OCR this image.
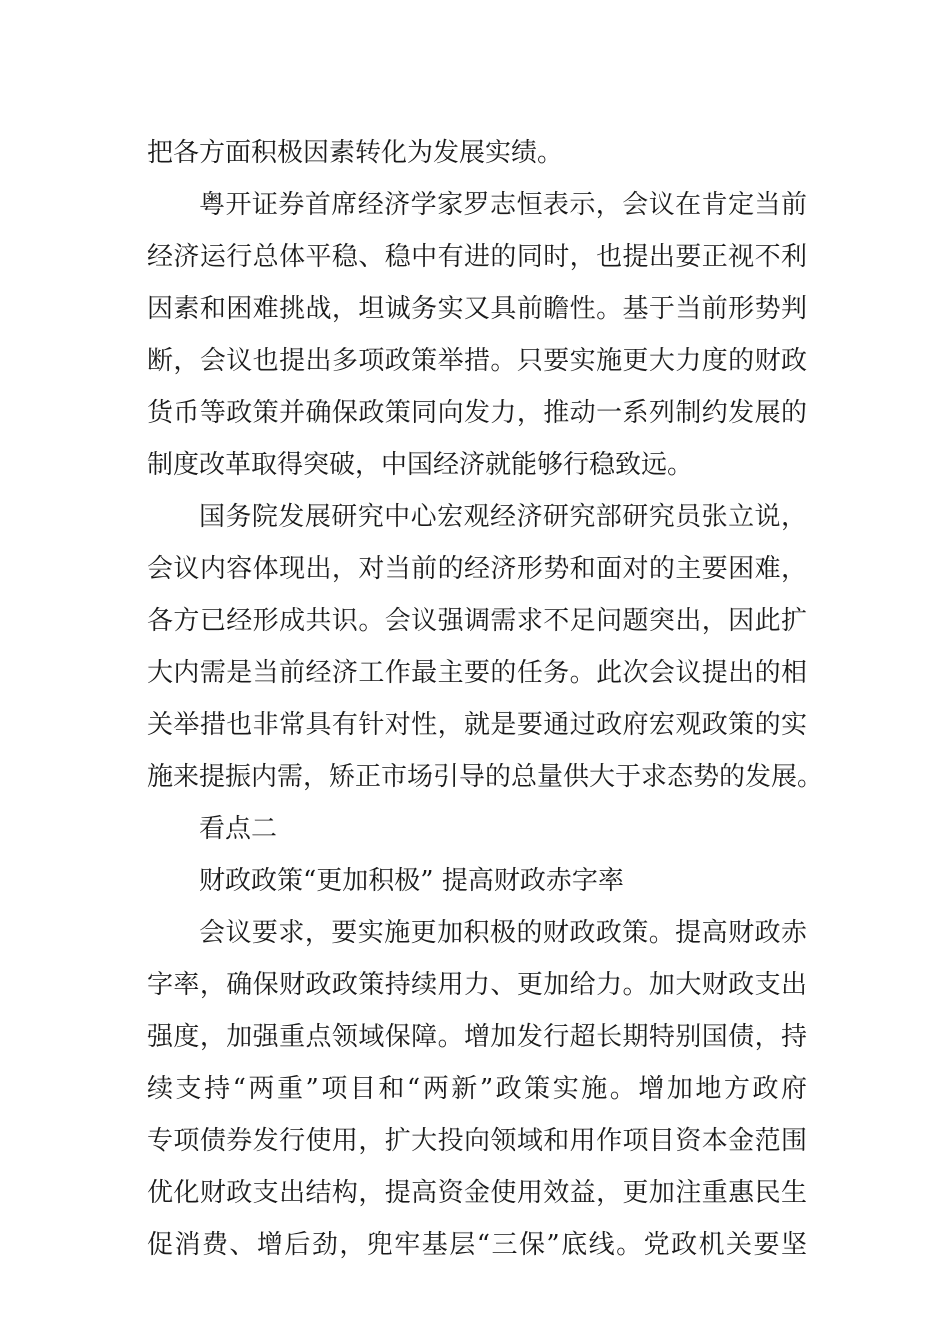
把各方面积极因素转化为发展实绩。
粤开证券首席经济学家罗志恒表示，会议在肯定当前
经济运行总体平稳、稳中有进的同时，也提出要正视不利
因素和困难挑战，坦诚务实又具前瞻性。基于当前形势判
断，会议也提出多项政策举措。只要实施更大力度的财政
货币等政策并确保政策同向发力，推动一系列制约发展的
制度改革取得突破，中国经济就能够行稳致远。
国务院发展研究中心宏观经济研究部研究员张立说，
会议内容体现出，对当前的经济形势和面对的主要困难，
各方已经形成共识。会议强调需求不足问题突出，因此扩
大内需是当前经济工作最主要的任务。此次会议提出的相
关举措也非常具有针对性，就是要通过政府宏观政策的实
施来提振内需，矫正市场引导的总量供大于求态势的发展。
看点二
财政政策“更加积极” 提高财政赤字率
会议要求，要实施更加积极的财政政策。提高财政赤
字率，确保财政政策持续用力、更加给力。加大财政支出
强度，加强重点领域保障。增加发行超长期特别国债，持
续支持“两重”项目和“两新”政策实施。增加地方政府
专项债券发行使用，扩大投向领域和用作项目资本金范围
优化财政支出结构，提高资金使用效益，更加注重惠民生
促消费、增后劲，兜牢基层“三保”底线。党政机关要坚
